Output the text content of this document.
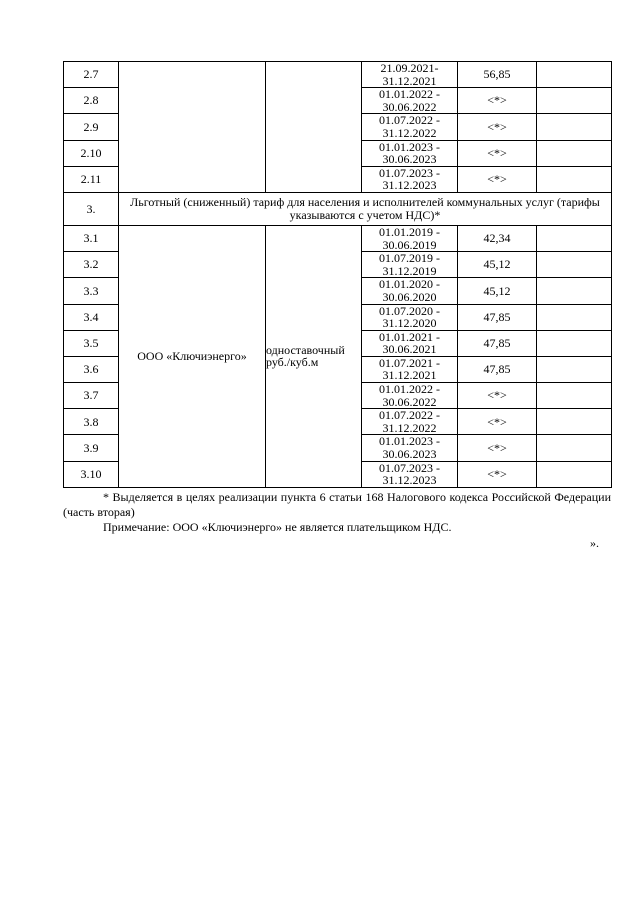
2.7			21.09.2021-
31.12.2021	56,85	
2.8			01.01.2022 -
30.06.2022	<*>	
2.9			01.07.2022 -
31.12.2022	<*>	
2.10			01.01.2023 -
30.06.2023	<*>	
2.11			01.07.2023 -
31.12.2023	<*>	
3.	Льготный (сниженный) тариф для населения и исполнителей коммунальных услуг (тарифы указываются с учетом НДС)*				
3.1	ООО «Ключиэнерго»	одноставочный
руб./куб.м	01.01.2019 -
30.06.2019	42,34	
3.2			01.07.2019 -
31.12.2019	45,12	
3.3			01.01.2020 -
30.06.2020	45,12	
3.4			01.07.2020 -
31.12.2020	47,85	
3.5			01.01.2021 -
30.06.2021	47,85	
3.6			01.07.2021 -
31.12.2021	47,85	
3.7			01.01.2022 -
30.06.2022	<*>	
3.8			01.07.2022 -
31.12.2022	<*>	
3.9			01.01.2023 -
30.06.2023	<*>	
3.10			01.07.2023 -
31.12.2023	<*>	
* Выделяется в целях реализации пункта 6 статьи 168 Налогового кодекса Российской Федерации (часть вторая)
Примечание: ООО «Ключиэнерго» не является плательщиком НДС.
».
